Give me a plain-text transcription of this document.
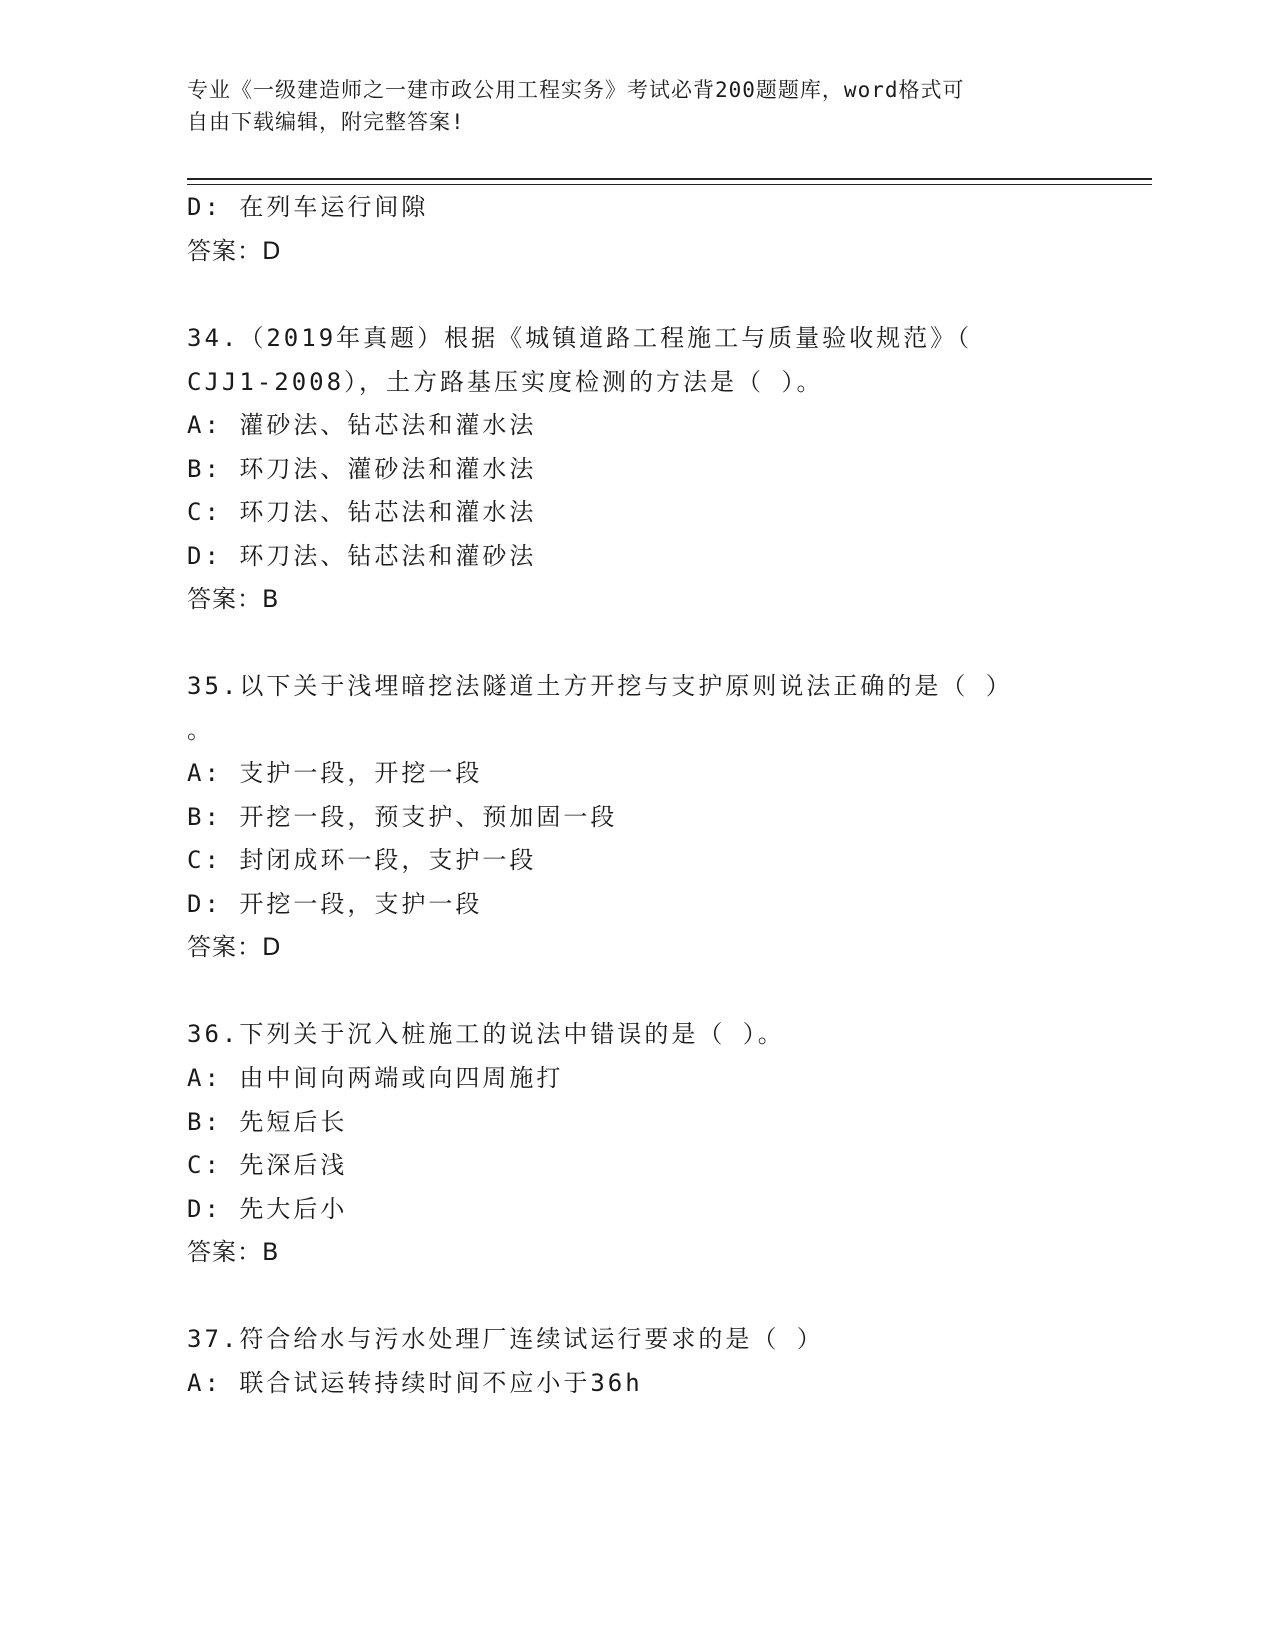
专业《一级建造师之一建市政公用工程实务》考试必背200题题库，word格式可
自由下载编辑，附完整答案!
D: 在列车运行间隙
答案：D
34.（2019年真题）根据《城镇道路工程施工与质量验收规范》（
CJJ1-2008），土方路基压实度检测的方法是（ ）。
A: 灌砂法、钻芯法和灌水法
B: 环刀法、灌砂法和灌水法
C: 环刀法、钻芯法和灌水法
D: 环刀法、钻芯法和灌砂法
答案：B
35.以下关于浅埋暗挖法隧道土方开挖与支护原则说法正确的是（ ）
。
A: 支护一段，开挖一段
B: 开挖一段，预支护、预加固一段
C: 封闭成环一段，支护一段
D: 开挖一段，支护一段
答案：D
36.下列关于沉入桩施工的说法中错误的是（ ）。
A: 由中间向两端或向四周施打
B: 先短后长
C: 先深后浅
D: 先大后小
答案：B
37.符合给水与污水处理厂连续试运行要求的是（ ）
A: 联合试运转持续时间不应小于36h
